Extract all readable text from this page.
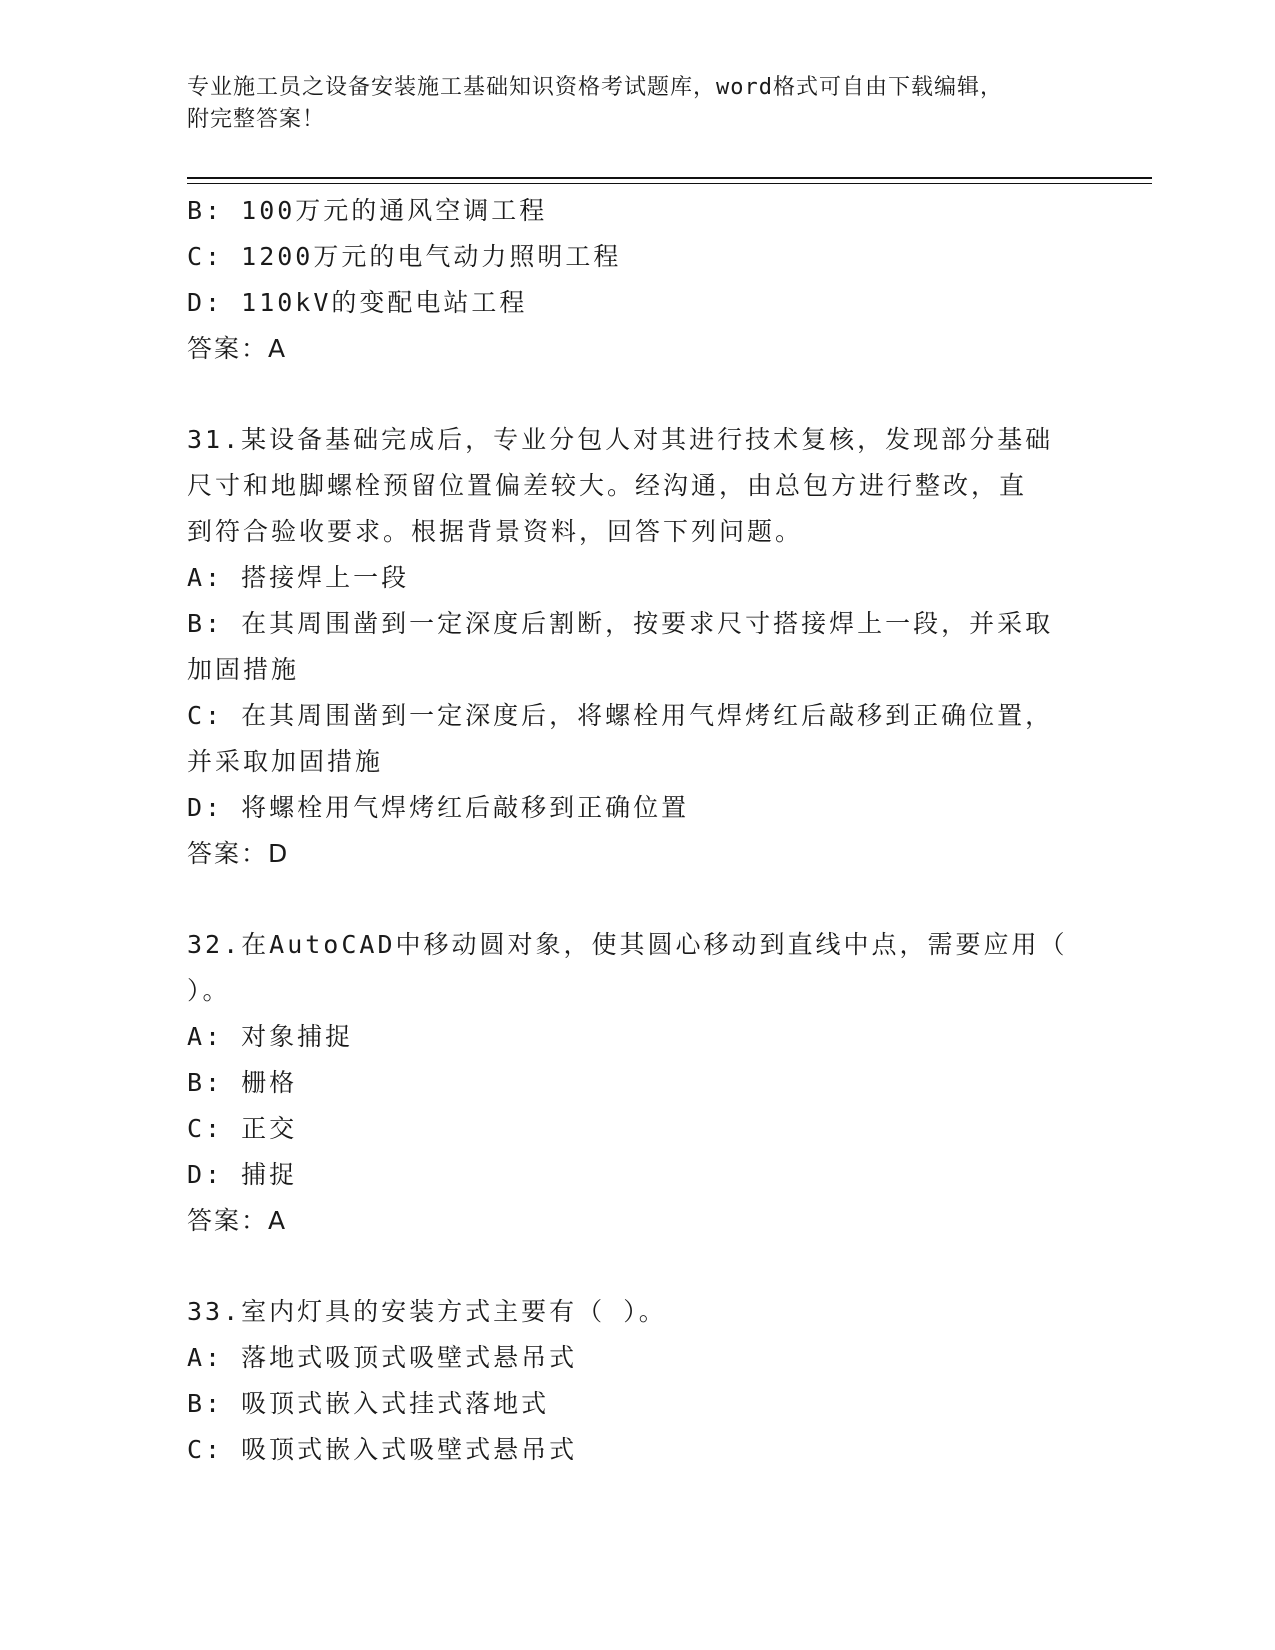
专业施工员之设备安装施工基础知识资格考试题库，word格式可自由下载编辑，
附完整答案！
B: 100万元的通风空调工程
C: 1200万元的电气动力照明工程
D: 110kV的变配电站工程
答案：A
31.某设备基础完成后，专业分包人对其进行技术复核，发现部分基础
尺寸和地脚螺栓预留位置偏差较大。经沟通，由总包方进行整改，直
到符合验收要求。根据背景资料，回答下列问题。
A: 搭接焊上一段
B: 在其周围凿到一定深度后割断，按要求尺寸搭接焊上一段，并采取
加固措施
C: 在其周围凿到一定深度后，将螺栓用气焊烤红后敲移到正确位置，
并采取加固措施
D: 将螺栓用气焊烤红后敲移到正确位置
答案：D
32.在AutoCAD中移动圆对象，使其圆心移动到直线中点，需要应用（
）。
A: 对象捕捉
B: 栅格
C: 正交
D: 捕捉
答案：A
33.室内灯具的安装方式主要有（ ）。
A: 落地式吸顶式吸壁式悬吊式
B: 吸顶式嵌入式挂式落地式
C: 吸顶式嵌入式吸壁式悬吊式
